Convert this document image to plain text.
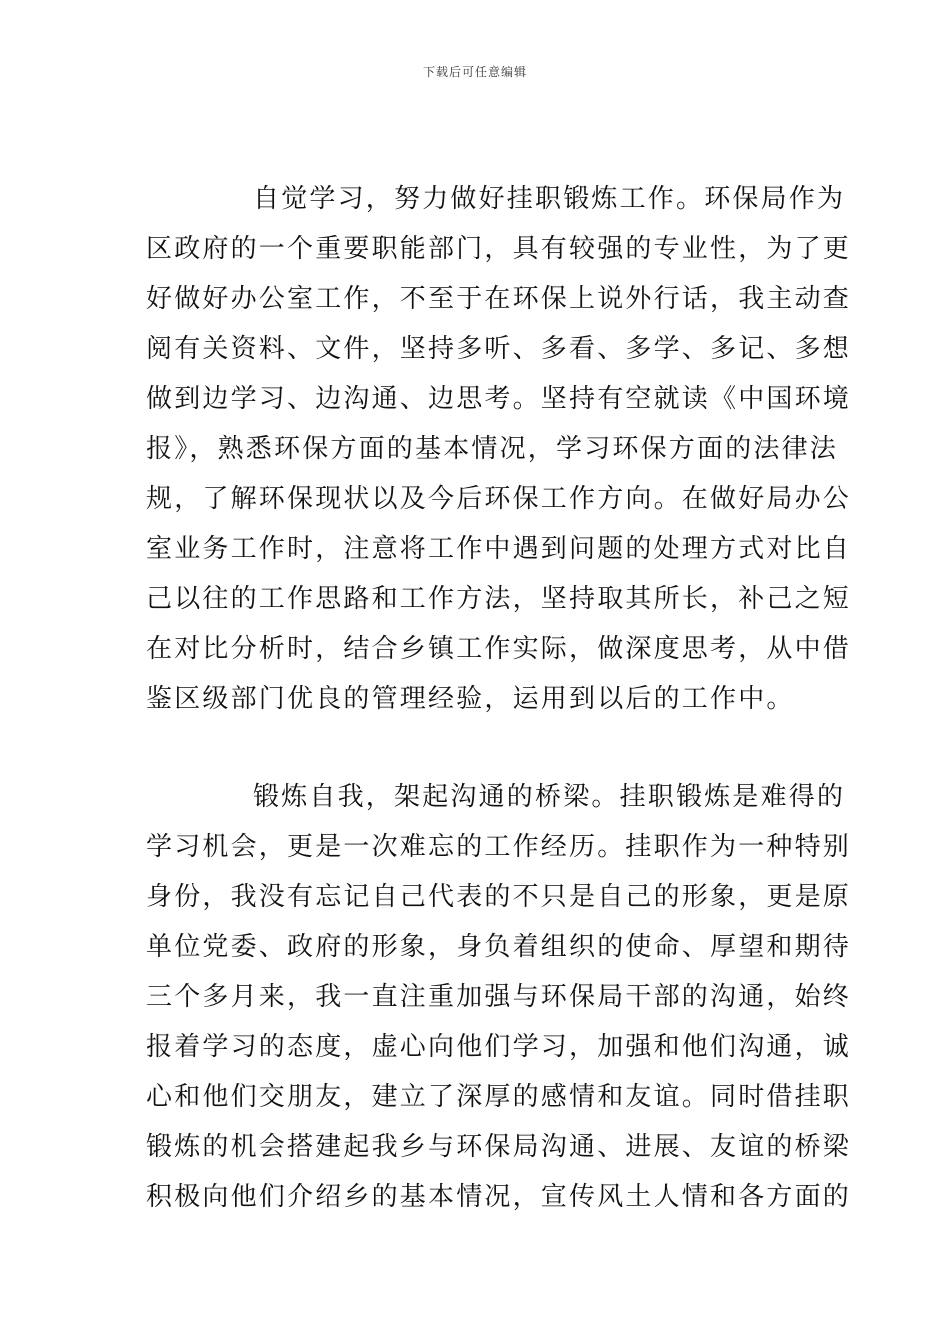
下载后可任意编辑
自觉学习，努力做好挂职锻炼工作。环保局作为
区政府的一个重要职能部门，具有较强的专业性，为了更
好做好办公室工作，不至于在环保上说外行话，我主动查
阅有关资料、文件，坚持多听、多看、多学、多记、多想
做到边学习、边沟通、边思考。坚持有空就读《中国环境
报》，熟悉环保方面的基本情况，学习环保方面的法律法
规，了解环保现状以及今后环保工作方向。在做好局办公
室业务工作时，注意将工作中遇到问题的处理方式对比自
己以往的工作思路和工作方法，坚持取其所长，补己之短
在对比分析时，结合乡镇工作实际，做深度思考，从中借
鉴区级部门优良的管理经验，运用到以后的工作中。
锻炼自我，架起沟通的桥梁。挂职锻炼是难得的
学习机会，更是一次难忘的工作经历。挂职作为一种特别
身份，我没有忘记自己代表的不只是自己的形象，更是原
单位党委、政府的形象，身负着组织的使命、厚望和期待
三个多月来，我一直注重加强与环保局干部的沟通，始终
报着学习的态度，虚心向他们学习，加强和他们沟通，诚
心和他们交朋友，建立了深厚的感情和友谊。同时借挂职
锻炼的机会搭建起我乡与环保局沟通、进展、友谊的桥梁
积极向他们介绍乡的基本情况，宣传风土人情和各方面的
